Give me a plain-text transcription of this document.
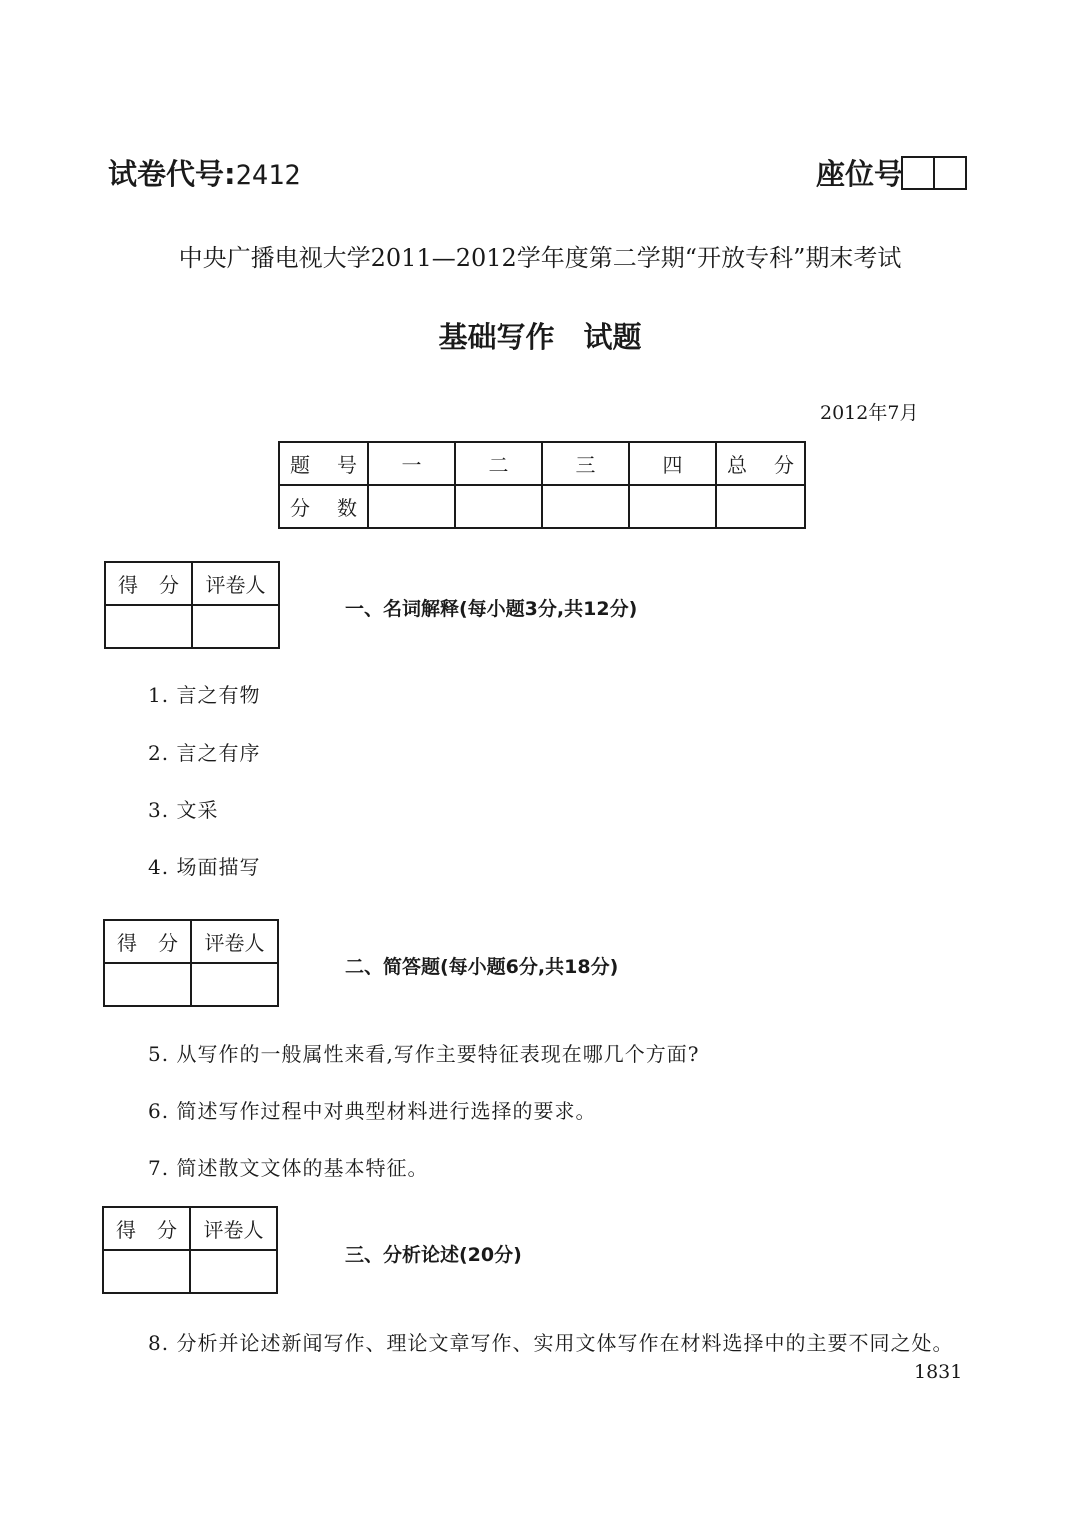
试卷代号:2412	座位号
中央广播电视大学2011—2012学年度第二学期“开放专科”期末考试
基础写作　试题
2012年7月
题　号	一	二	三	四	总　分
分　数					
得　分	评卷人

一、名词解释(每小题3分,共12分)
1. 言之有物
2. 言之有序
3. 文采
4. 场面描写
得　分	评卷人

二、简答题(每小题6分,共18分)
5. 从写作的一般属性来看,写作主要特征表现在哪几个方面?
6. 简述写作过程中对典型材料进行选择的要求。
7. 简述散文文体的基本特征。
得　分	评卷人

三、分析论述(20分)
8. 分析并论述新闻写作、理论文章写作、实用文体写作在材料选择中的主要不同之处。
1831
